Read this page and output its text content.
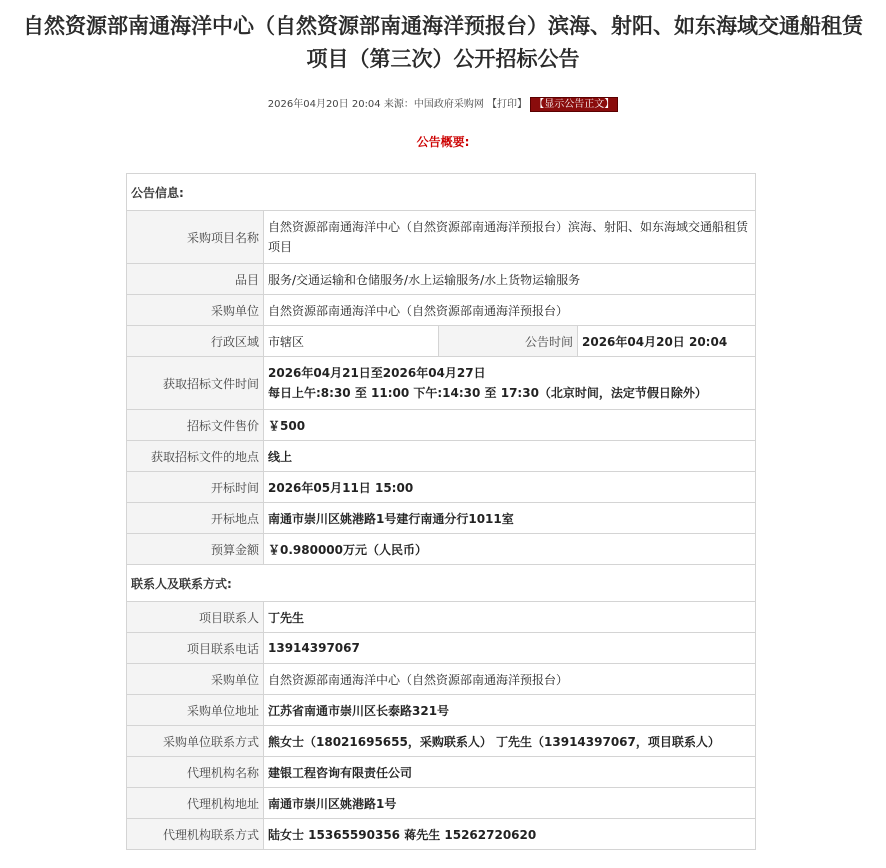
自然资源部南通海洋中心（自然资源部南通海洋预报台）滨海、射阳、如东海域交通船租赁项目（第三次）公开招标公告
2026年04月20日 20:04 来源：中国政府采购网 【打印】 【显示公告正文】
公告概要:
公告信息:			
采购项目名称	自然资源部南通海洋中心（自然资源部南通海洋预报台）滨海、射阳、如东海域交通船租赁项目		
品目	服务/交通运输和仓储服务/水上运输服务/水上货物运输服务		
采购单位	自然资源部南通海洋中心（自然资源部南通海洋预报台）		
行政区域	市辖区	公告时间	2026年04月20日 20:04
获取招标文件时间	2026年04月21日至2026年04月27日
每日上午:8:30 至 11:00 下午:14:30 至 17:30（北京时间，法定节假日除外）		

招标文件售价	￥500		
获取招标文件的地点	线上		
开标时间	2026年05月11日 15:00		
开标地点	南通市崇川区姚港路1号建行南通分行1011室		
预算金额	￥0.980000万元（人民币）		
联系人及联系方式:			
项目联系人	丁先生		
项目联系电话	13914397067		
采购单位	自然资源部南通海洋中心（自然资源部南通海洋预报台）		
采购单位地址	江苏省南通市崇川区长泰路321号		
采购单位联系方式	熊女士（18021695655，采购联系人） 丁先生（13914397067，项目联系人）		
代理机构名称	建银工程咨询有限责任公司		
代理机构地址	南通市崇川区姚港路1号		
代理机构联系方式	陆女士 15365590356 蒋先生 15262720620		
